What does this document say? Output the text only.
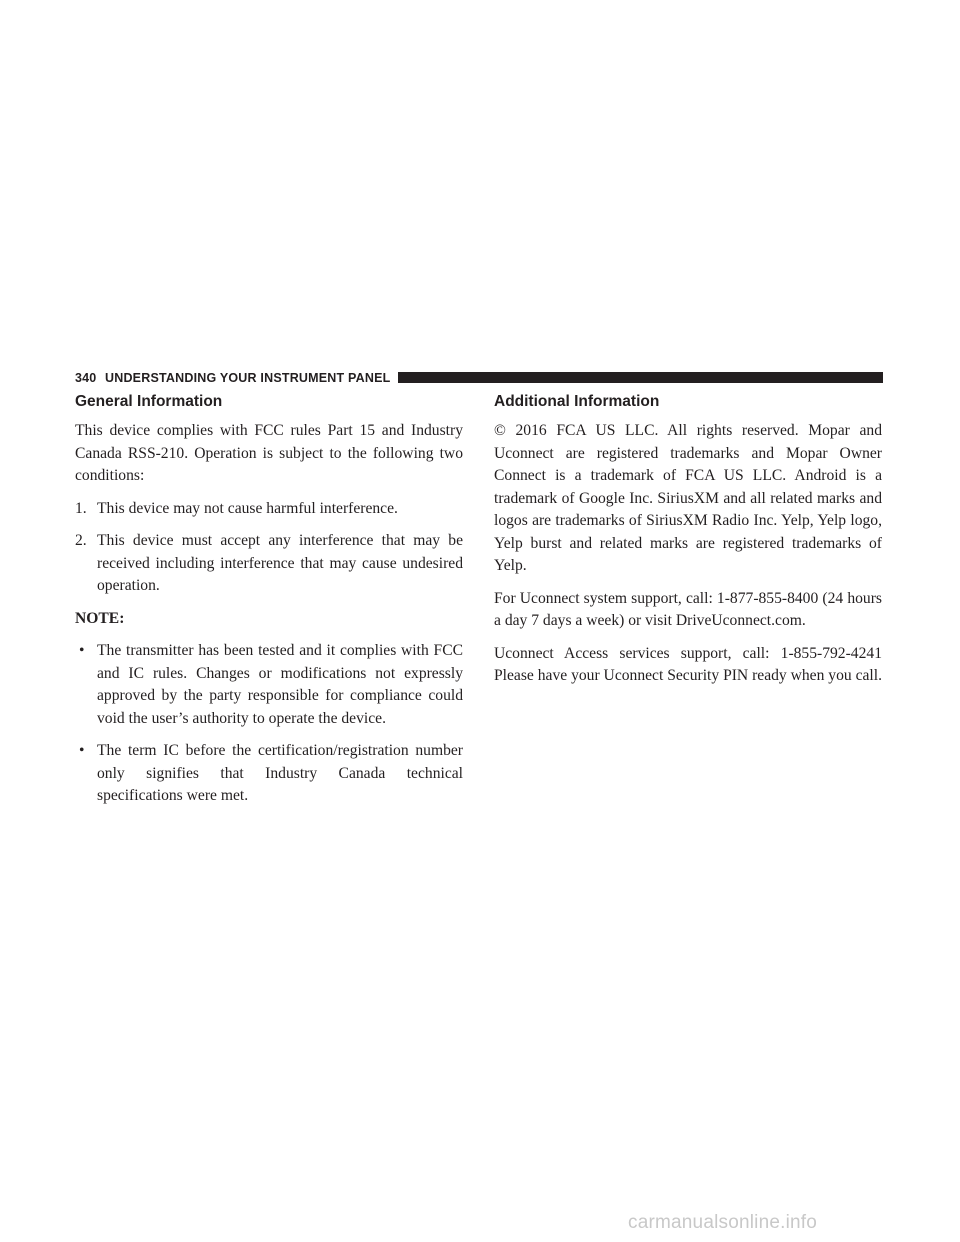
340 UNDERSTANDING YOUR INSTRUMENT PANEL
General Information

This device complies with FCC rules Part 15 and Industry Canada RSS-210. Operation is subject to the following two conditions:

1. This device may not cause harmful interference.

2. This device must accept any interference that may be received including interference that may cause undesired operation.

NOTE:
• The transmitter has been tested and it complies with FCC and IC rules. Changes or modifications not expressly approved by the party responsible for compliance could void the user’s authority to operate the device.
• The term IC before the certification/registration number only signifies that Industry Canada technical specifications were met.
Additional Information

© 2016 FCA US LLC. All rights reserved. Mopar and Uconnect are registered trademarks and Mopar Owner Connect is a trademark of FCA US LLC. Android is a trademark of Google Inc. SiriusXM and all related marks and logos are trademarks of SiriusXM Radio Inc. Yelp, Yelp logo, Yelp burst and related marks are registered trademarks of Yelp.

For Uconnect system support, call: 1-877-855-8400 (24 hours a day 7 days a week) or visit DriveUconnect.com.

Uconnect Access services support, call: 1-855-792-4241 Please have your Uconnect Security PIN ready when you call.

carmanualsonline.info
